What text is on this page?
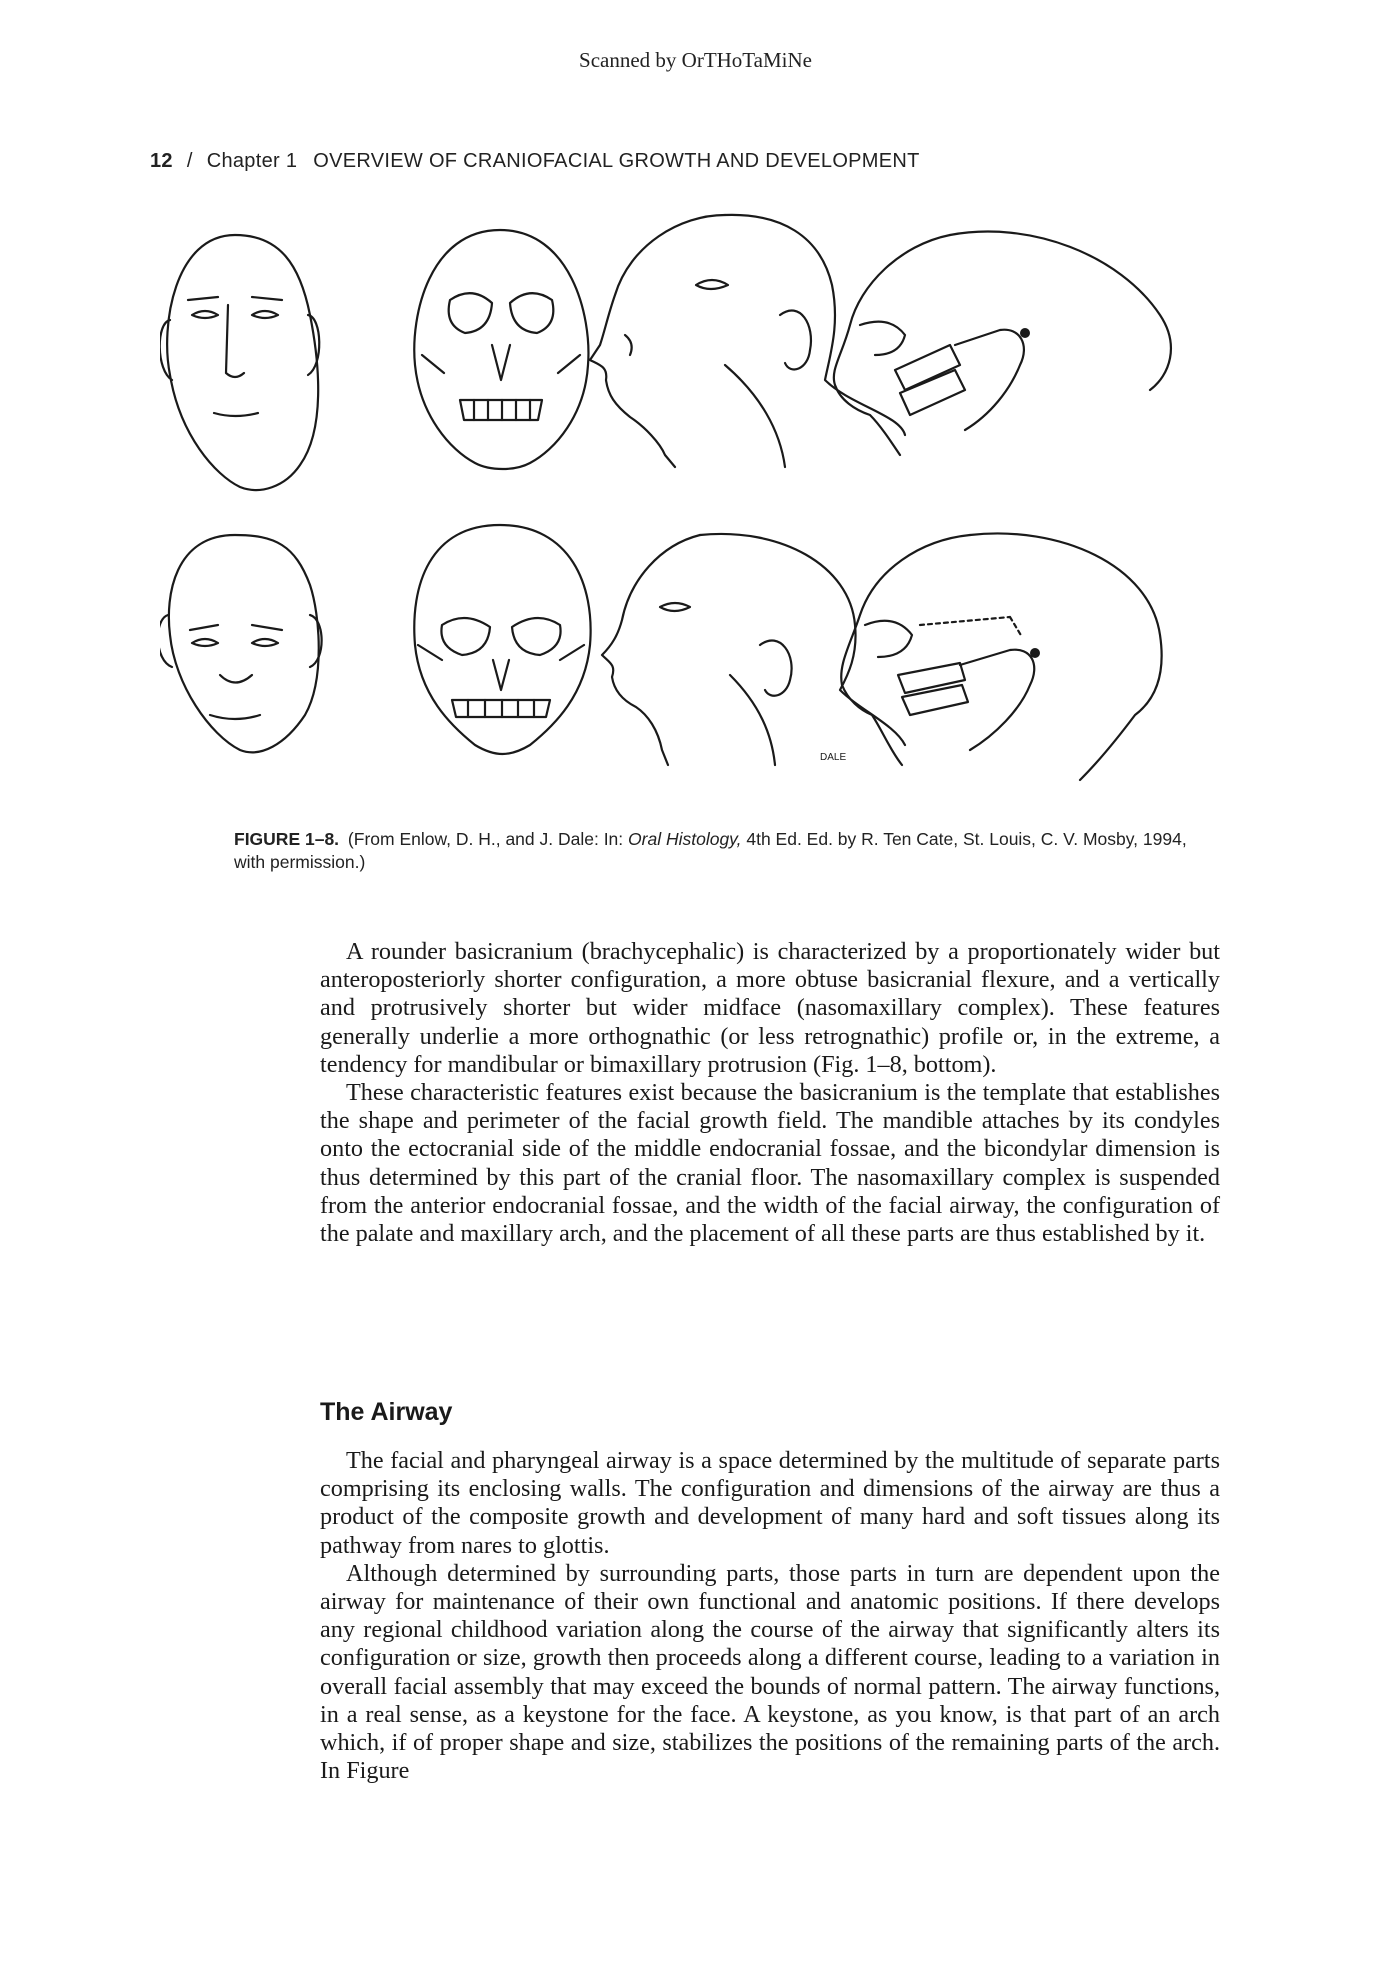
Scanned by OrTHoTaMiNe
12 / Chapter 1 OVERVIEW OF CRANIOFACIAL GROWTH AND DEVELOPMENT
DALE
FIGURE 1–8. (From Enlow, D. H., and J. Dale: In: Oral Histology, 4th Ed. Ed. by R. Ten Cate, St. Louis, C. V. Mosby, 1994, with permission.)

A rounder basicranium (brachycephalic) is characterized by a proportionately wider but anteroposteriorly shorter configuration, a more obtuse basicranial flexure, and a vertically and protrusively shorter but wider midface (nasomaxillary complex). These features generally underlie a more orthognathic (or less retrognathic) profile or, in the extreme, a tendency for mandibular or bimaxillary protrusion (Fig. 1–8, bottom).

These characteristic features exist because the basicranium is the template that establishes the shape and perimeter of the facial growth field. The mandible attaches by its condyles onto the ectocranial side of the middle endocranial fossae, and the bicondylar dimension is thus determined by this part of the cranial floor. The nasomaxillary complex is suspended from the anterior endocranial fossae, and the width of the facial airway, the configuration of the palate and maxillary arch, and the placement of all these parts are thus established by it.

The Airway

The facial and pharyngeal airway is a space determined by the multitude of separate parts comprising its enclosing walls. The configuration and dimensions of the airway are thus a product of the composite growth and development of many hard and soft tissues along its pathway from nares to glottis.

Although determined by surrounding parts, those parts in turn are dependent upon the airway for maintenance of their own functional and anatomic positions. If there develops any regional childhood variation along the course of the airway that significantly alters its configuration or size, growth then proceeds along a different course, leading to a variation in overall facial assembly that may exceed the bounds of normal pattern. The airway functions, in a real sense, as a keystone for the face. A keystone, as you know, is that part of an arch which, if of proper shape and size, stabilizes the positions of the remaining parts of the arch. In Figure
